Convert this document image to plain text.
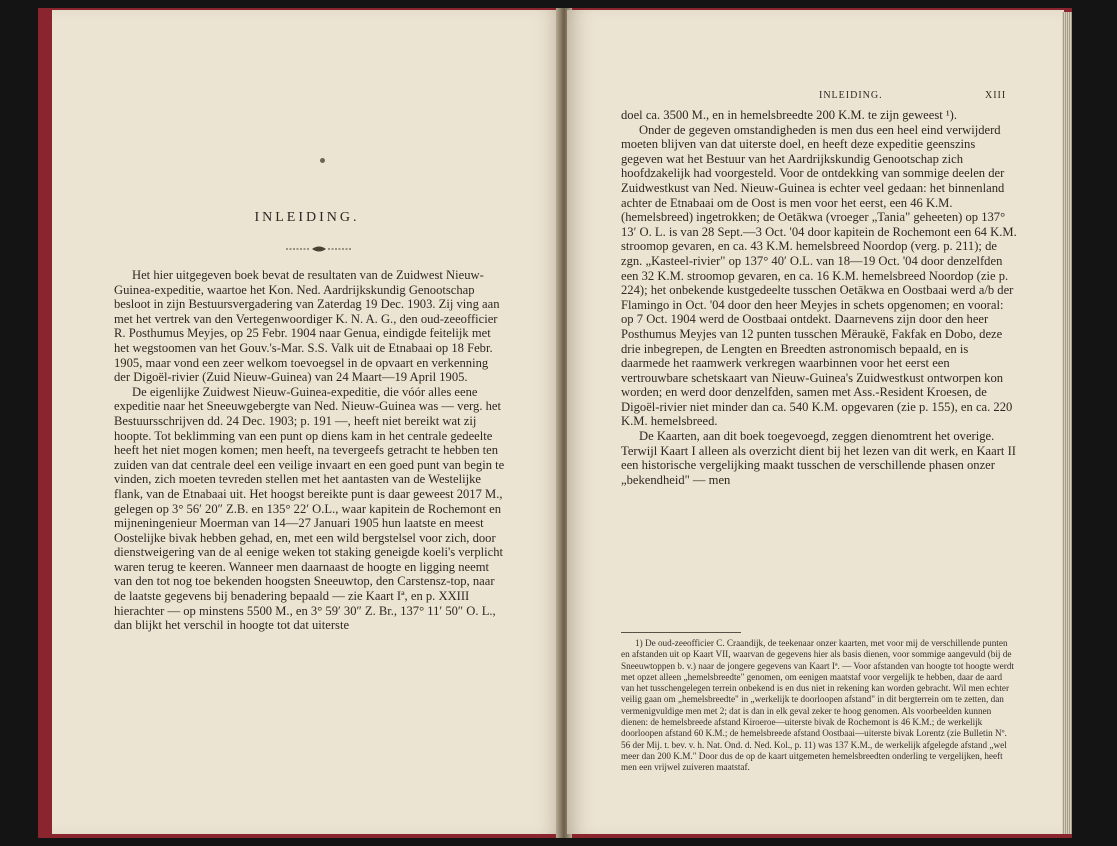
INLEIDING.

Het hier uitgegeven boek bevat de resultaten van de Zuidwest Nieuw-Guinea-expeditie, waartoe het Kon. Ned. Aardrijkskundig Genootschap besloot in zijn Bestuursvergadering van Zaterdag 19 Dec. 1903. Zij ving aan met het vertrek van den Vertegenwoordiger K. N. A. G., den oud-zeeofficier R. Posthumus Meyjes, op 25 Febr. 1904 naar Genua, eindigde feitelijk met het wegstoomen van het Gouv.'s-Mar. S.S. Valk uit de Etnabaai op 18 Febr. 1905, maar vond een zeer welkom toevoegsel in de opvaart en verkenning der Digoël-rivier (Zuid Nieuw-Guinea) van 24 Maart—19 April 1905.

De eigenlijke Zuidwest Nieuw-Guinea-expeditie, die vóór alles eene expeditie naar het Sneeuwgebergte van Ned. Nieuw-Guinea was — verg. het Bestuursschrijven dd. 24 Dec. 1903; p. 191 —, heeft niet bereikt wat zij hoopte. Tot beklimming van een punt op diens kam in het centrale gedeelte heeft het niet mogen komen; men heeft, na tevergeefs getracht te hebben ten zuiden van dat centrale deel een veilige invaart en een goed punt van begin te vinden, zich moeten tevreden stellen met het aantasten van de Westelijke flank, van de Etnabaai uit. Het hoogst bereikte punt is daar geweest 2017 M., gelegen op 3° 56′ 20″ Z.B. en 135° 22′ O.L., waar kapitein de Rochemont en mijneningenieur Moerman van 14—27 Januari 1905 hun laatste en meest Oostelijke bivak hebben gehad, en, met een wild bergstelsel voor zich, door dienstweigering van de al eenige weken tot staking geneigde koeli's verplicht waren terug te keeren. Wanneer men daarnaast de hoogte en ligging neemt van den tot nog toe bekenden hoogsten Sneeuwtop, den Carstensz-top, naar de laatste gegevens bij benadering bepaald — zie Kaart Iª, en p. XXIII hierachter — op minstens 5500 M., en 3° 59′ 30″ Z. Br., 137° 11′ 50″ O. L., dan blijkt het verschil in hoogte tot dat uiterste

INLEIDING.	XIII

doel ca. 3500 M., en in hemelsbreedte 200 K.M. te zijn geweest ¹).

Onder de gegeven omstandigheden is men dus een heel eind verwijderd moeten blijven van dat uiterste doel, en heeft deze expeditie geenszins gegeven wat het Bestuur van het Aardrijkskundig Genootschap zich hoofdzakelijk had voorgesteld. Voor de ontdekking van sommige deelen der Zuidwestkust van Ned. Nieuw-Guinea is echter veel gedaan: het binnenland achter de Etnabaai om de Oost is men voor het eerst, een 46 K.M. (hemelsbreed) ingetrokken; de Oetākwa (vroeger „Tania" geheeten) op 137° 13′ O. L. is van 28 Sept.—3 Oct. '04 door kapitein de Rochemont een 64 K.M. stroomop gevaren, en ca. 43 K.M. hemelsbreed Noordop (verg. p. 211); de zgn. „Kasteel-rivier" op 137° 40′ O.L. van 18—19 Oct. '04 door denzelfden een 32 K.M. stroomop gevaren, en ca. 16 K.M. hemelsbreed Noordop (zie p. 224); het onbekende kustgedeelte tusschen Oetākwa en Oostbaai werd a/b der Flamingo in Oct. '04 door den heer Meyjes in schets opgenomen; en vooral: op 7 Oct. 1904 werd de Oostbaai ontdekt. Daarnevens zijn door den heer Posthumus Meyjes van 12 punten tusschen Mëraukë, Fakfak en Dobo, deze drie inbegrepen, de Lengten en Breedten astronomisch bepaald, en is daarmede het raamwerk verkregen waarbinnen voor het eerst een vertrouwbare schetskaart van Nieuw-Guinea's Zuidwestkust ontworpen kon worden; en werd door denzelfden, samen met Ass.-Resident Kroesen, de Digoël-rivier niet minder dan ca. 540 K.M. opgevaren (zie p. 155), en ca. 220 K.M. hemelsbreed.

De Kaarten, aan dit boek toegevoegd, zeggen dienomtrent het overige. Terwijl Kaart I alleen als overzicht dient bij het lezen van dit werk, en Kaart II een historische vergelijking maakt tusschen de verschillende phasen onzer „bekendheid" — men

1) De oud-zeeofficier C. Craandijk, de teekenaar onzer kaarten, met voor mij de verschillende punten en afstanden uit op Kaart VII, waarvan de gegevens hier als basis dienen, voor sommige aangevuld (bij de Sneeuwtoppen b. v.) naar de jongere gegevens van Kaart Iª. — Voor afstanden van hoogte tot hoogte werdt met opzet alleen „hemelsbreedte" genomen, om eenigen maatstaf voor vergelijk te hebben, daar de aard van het tusschengelegen terrein onbekend is en dus niet in rekening kan worden gebracht. Wil men echter veilig gaan om „hemelsbreedte" in „werkelijk te doorloopen afstand" in dit bergterrein om te zetten, dan vermenigvuldige men met 2; dat is dan in elk geval zeker te hoog genomen. Als voorbeelden kunnen dienen: de hemelsbreede afstand Kiroeroe—uiterste bivak de Rochemont is 46 K.M.; de werkelijk doorloopen afstand 60 K.M.; de hemelsbreede afstand Oostbaai—uiterste bivak Lorentz (zie Bulletin Nº. 56 der Mij. t. bev. v. h. Nat. Ond. d. Ned. Kol., p. 11) was 137 K.M., de werkelijk afgelegde afstand „wel meer dan 200 K.M." Door dus de op de kaart uitgemeten hemelsbreedten onderling te vergelijken, heeft men een vrijwel zuiveren maatstaf.
